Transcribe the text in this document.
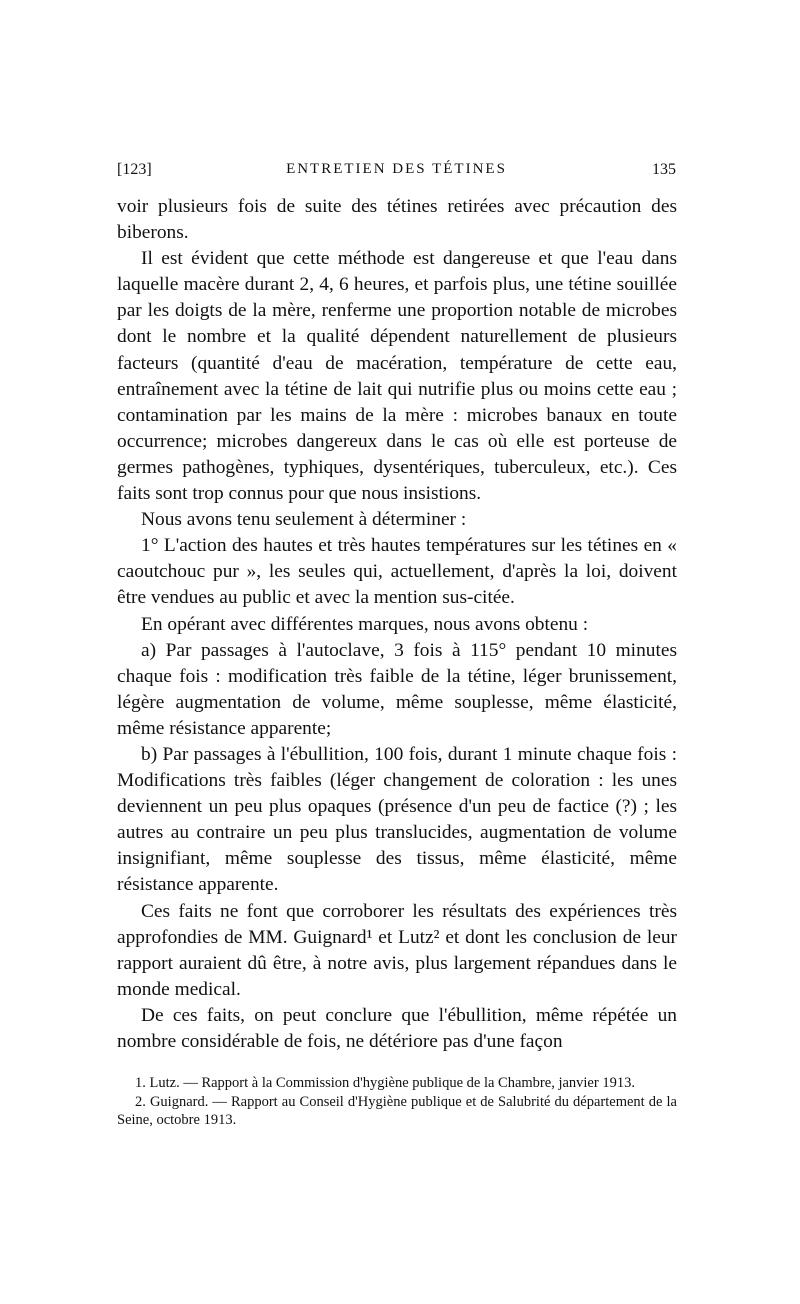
ENTRETIEN DES TÉTINES
[123]	135

voir plusieurs fois de suite des tétines retirées avec précaution des biberons.

Il est évident que cette méthode est dangereuse et que l'eau dans laquelle macère durant 2, 4, 6 heures, et parfois plus, une tétine souillée par les doigts de la mère, renferme une proportion notable de microbes dont le nombre et la qualité dépendent naturellement de plusieurs facteurs (quantité d'eau de macération, température de cette eau, entraînement avec la tétine de lait qui nutrifie plus ou moins cette eau ; contamination par les mains de la mère : microbes banaux en toute occurrence; microbes dangereux dans le cas où elle est porteuse de germes pathogènes, typhiques, dysentériques, tuberculeux, etc.). Ces faits sont trop connus pour que nous insistions.

Nous avons tenu seulement à déterminer :

1° L'action des hautes et très hautes températures sur les tétines en « caoutchouc pur », les seules qui, actuellement, d'après la loi, doivent être vendues au public et avec la mention sus-citée.

En opérant avec différentes marques, nous avons obtenu :

a) Par passages à l'autoclave, 3 fois à 115° pendant 10 minutes chaque fois : modification très faible de la tétine, léger brunissement, légère augmentation de volume, même souplesse, même élasticité, même résistance apparente;

b) Par passages à l'ébullition, 100 fois, durant 1 minute chaque fois : Modifications très faibles (léger changement de coloration : les unes deviennent un peu plus opaques (présence d'un peu de factice (?) ; les autres au contraire un peu plus translucides, augmentation de volume insignifiant, même souplesse des tissus, même élasticité, même résistance apparente.

Ces faits ne font que corroborer les résultats des expériences très approfondies de MM. Guignard¹ et Lutz² et dont les conclusion de leur rapport auraient dû être, à notre avis, plus largement répandues dans le monde medical.

De ces faits, on peut conclure que l'ébullition, même répétée un nombre considérable de fois, ne détériore pas d'une façon

1. Lutz. — Rapport à la Commission d'hygiène publique de la Chambre, janvier 1913.

2. Guignard. — Rapport au Conseil d'Hygiène publique et de Salubrité du département de la Seine, octobre 1913.
